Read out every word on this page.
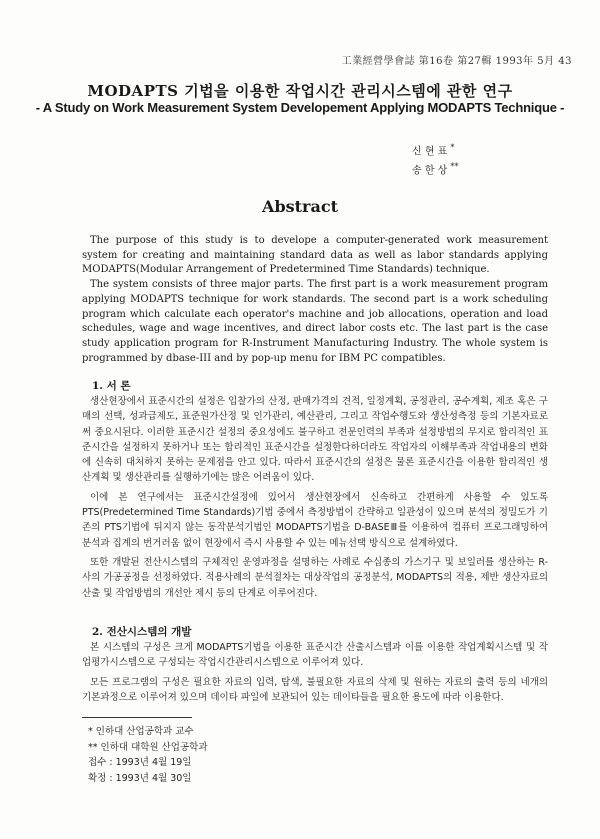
工業經營學會誌 第16卷 第27輯 1993年 5月 43
MODAPTS 기법을 이용한 작업시간 관리시스템에 관한 연구
- A Study on Work Measurement System Developement Applying MODAPTS Technique -
신 현 표 *
송 한 상 **
Abstract

The purpose of this study is to develope a computer-generated work measurement system for creating and maintaining standard data as well as labor standards applying MODAPTS(Modular Arrangement of Predetermined Time Standards) technique.

The system consists of three major parts. The first part is a work measurement program applying MODAPTS technique for work standards. The second part is a work scheduling program which calculate each operator's machine and job allocations, operation and load schedules, wage and wage incentives, and direct labor costs etc. The last part is the case study application program for R-Instrument Manufacturing Industry. The whole system is programmed by dbase-III and by pop-up menu for IBM PC compatibles.

1. 서 론

생산현장에서 표준시간의 설정은 입찰가의 산정, 판매가격의 견적, 일정계획, 공정관리, 공수계획, 제조 혹은 구매의 선택, 성과급제도, 표준원가산정 및 인가관리, 예산관리, 그리고 작업수행도와 생산성측정 등의 기본자료로써 중요시된다. 이러한 표준시간 설정의 중요성에도 불구하고 전문인력의 부족과 설정방법의 무지로 합리적인 표준시간을 설정하지 못하거나 또는 합리적인 표준시간을 설정한다하더라도 작업자의 이해부족과 작업내용의 변화에 신속히 대처하지 못하는 문제점을 안고 있다. 따라서 표준시간의 설정은 물론 표준시간을 이용한 합리적인 생산계획 및 생산관리를 실행하기에는 많은 어려움이 있다.

이에 본 연구에서는 표준시간설정에 있어서 생산현장에서 신속하고 간편하게 사용할 수 있도록 PTS(Predetermined Time Standards)기법 중에서 측정방법이 간략하고 일관성이 있으며 분석의 정밀도가 기존의 PTS기법에 뒤지지 않는 동작분석기법인 MODAPTS기법을 D-BASEⅢ를 이용하여 컴퓨터 프로그래밍하여 분석과 집계의 번거러움 없이 현장에서 즉시 사용할 수 있는 메뉴선택 방식으로 설계하였다.

또한 개발된 전산시스템의 구체적인 운영과정을 설명하는 사례로 수십종의 가스기구 및 보일러를 생산하는 R-사의 가공공정을 선정하였다. 적용사례의 분석절차는 대상작업의 공정분석, MODAPTS의 적용, 제반 생산자료의 산출 및 작업방법의 개선안 제시 등의 단계로 이루어진다.

2. 전산시스템의 개발

본 시스템의 구성은 크게 MODAPTS기법을 이용한 표준시간 산출시스템과 이를 이용한 작업계획시스템 및 작업평가시스템으로 구성되는 작업시간관리시스템으로 이루어져 있다.

모든 프로그램의 구성은 필요한 자료의 입력, 탐색, 불필요한 자료의 삭제 및 원하는 자료의 출력 등의 네개의 기본과정으로 이루어져 있으며 데이타 파일에 보관되어 있는 데이타들을 필요한 용도에 따라 이용한다.

* 인하대 산업공학과 교수
** 인하대 대학원 산업공학과
접수 : 1993년 4월 19일
확정 : 1993년 4월 30일
